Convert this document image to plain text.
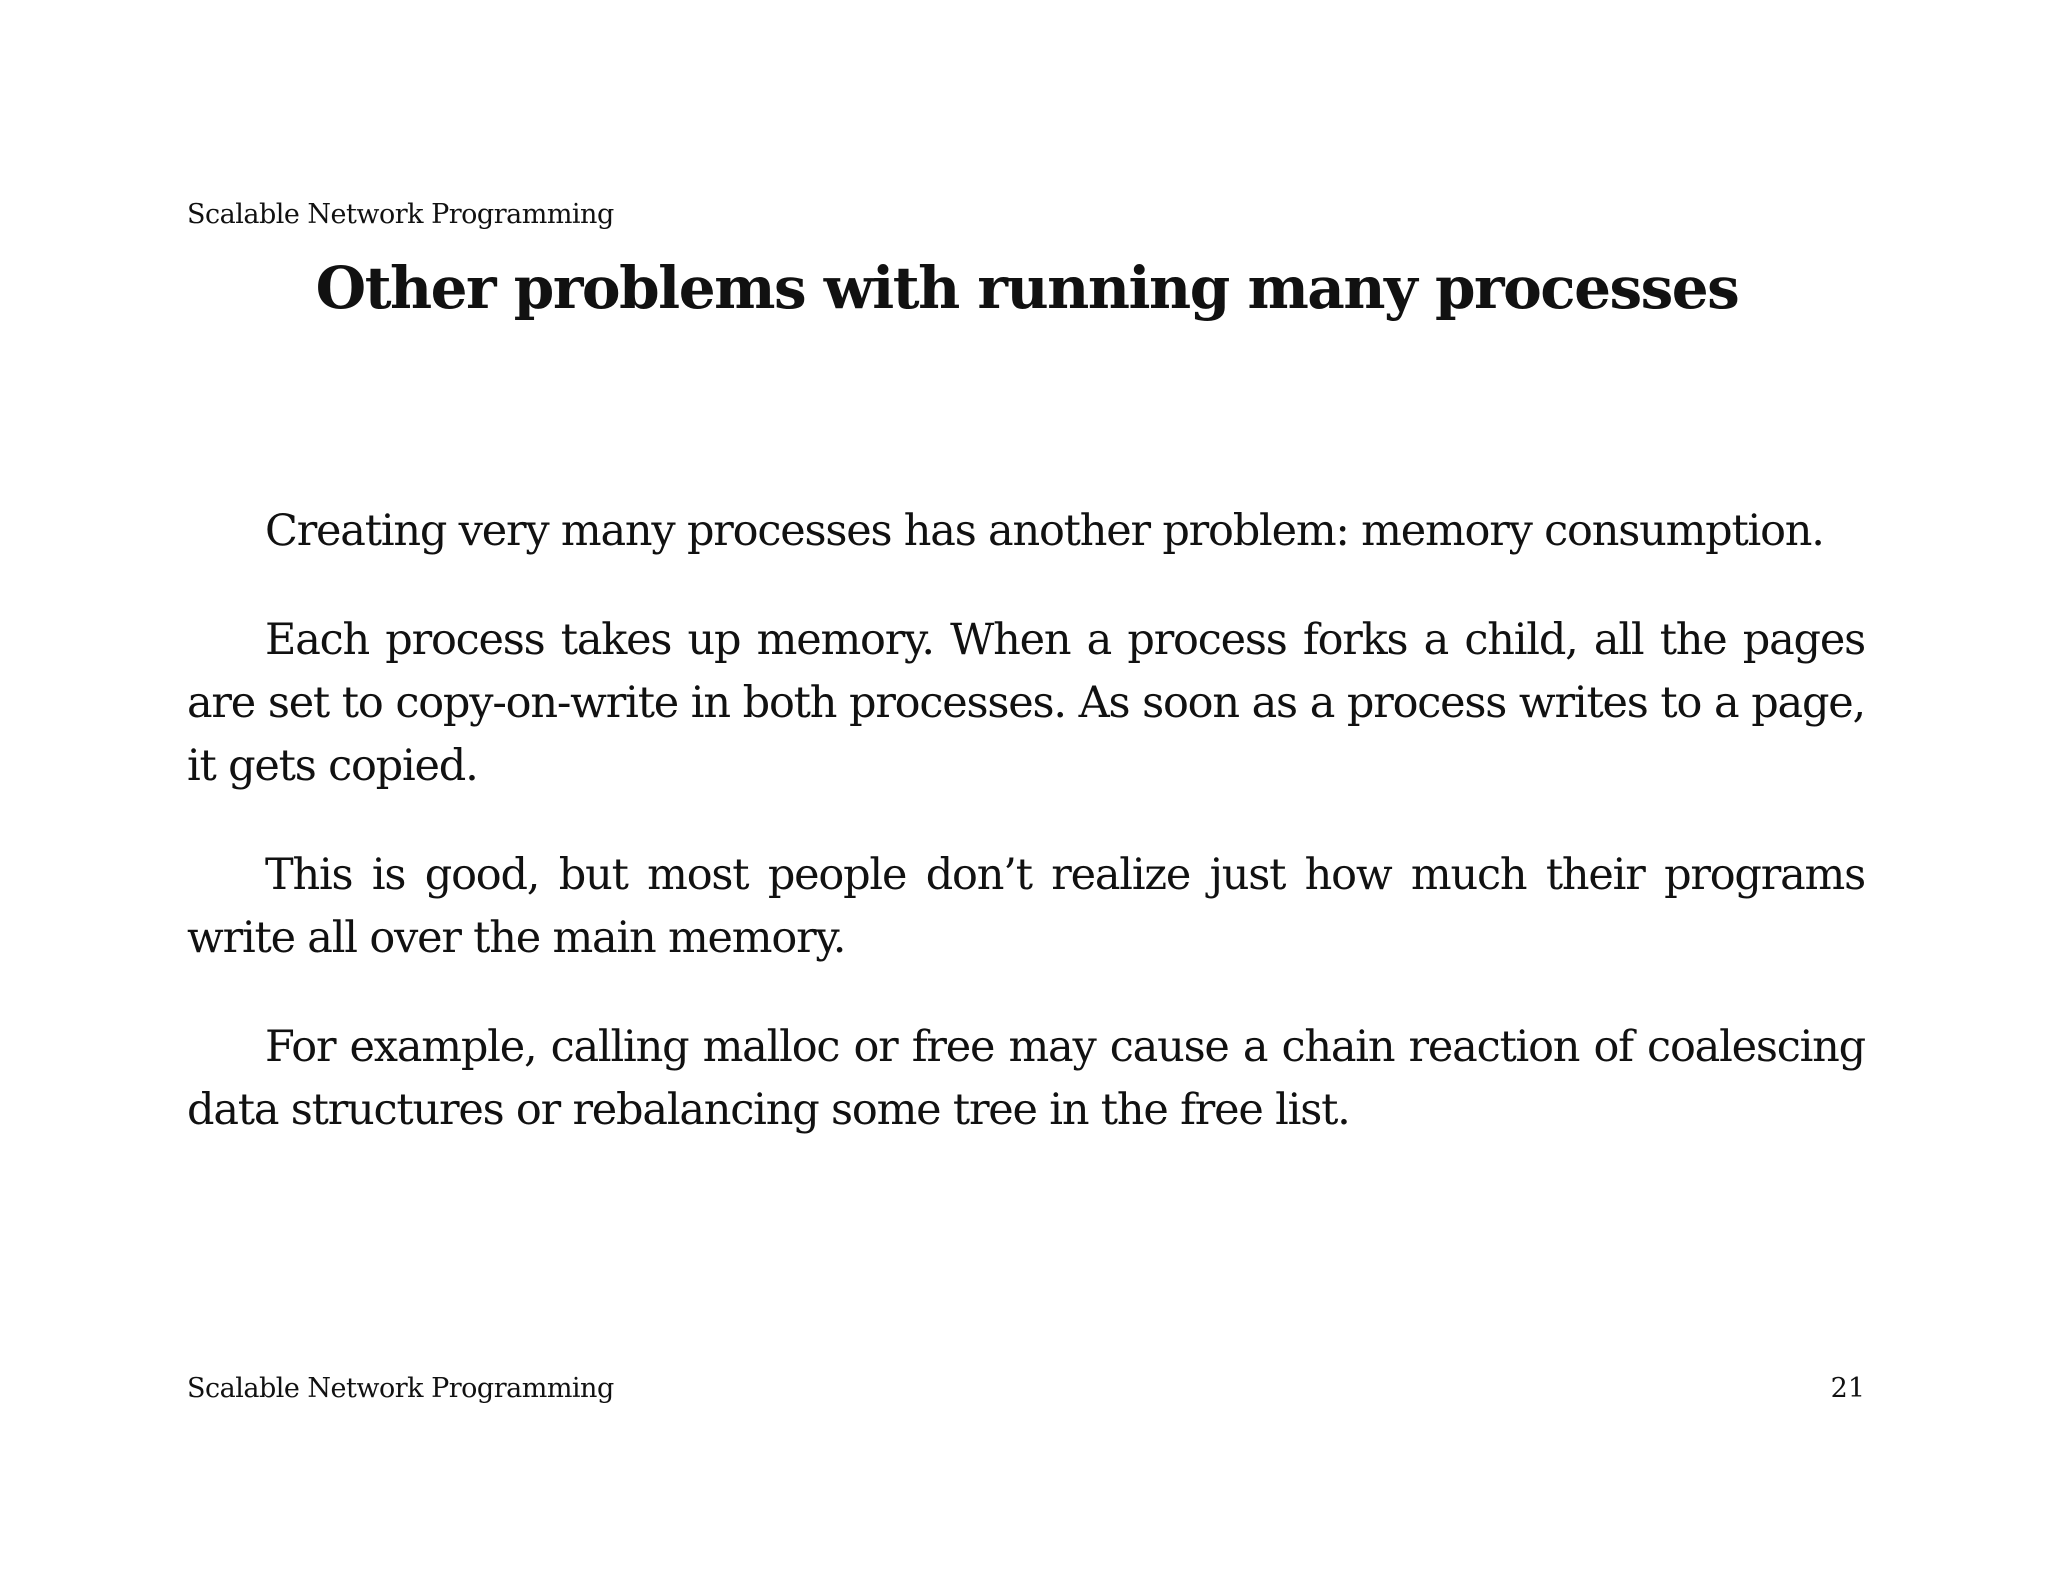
Scalable Network Programming
Other problems with running many processes

Creating very many processes has another problem: memory consumption.

Each process takes up memory. When a process forks a child, all the pages are set to copy-on-write in both processes. As soon as a process writes to a page, it gets copied.

This is good, but most people don’t realize just how much their programs write all over the main memory.

For example, calling malloc or free may cause a chain reaction of coalescing data structures or rebalancing some tree in the free list.

Scalable Network Programming	21
